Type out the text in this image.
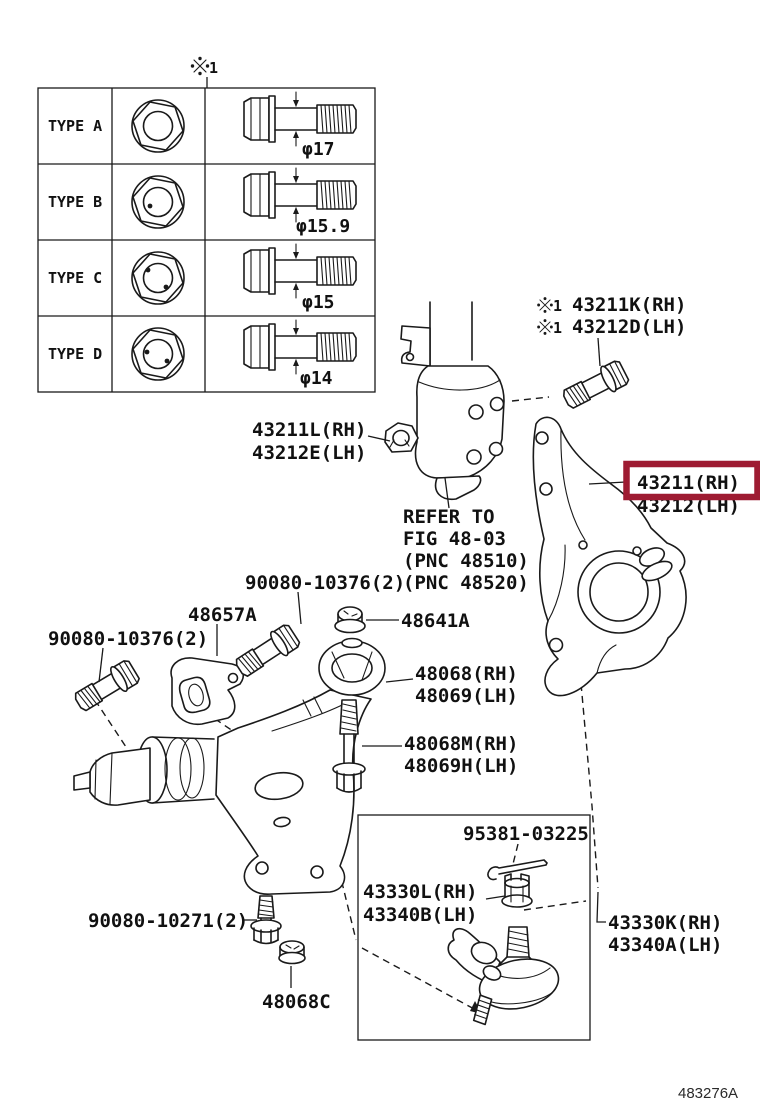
1
TYPE A
TYPE B
TYPE C
TYPE D
φ17
φ15.9
φ15
φ14
1 43211K(RH)
1 43212D(LH)
43211L(RH)
43212E(LH)
43211(RH)
43212(LH)
REFER TO
FIG 48-03
(PNC 48510)
(PNC 48520)
90080-10376(2)
48657A
90080-10376(2)
48641A
48068(RH)
48069(LH)
48068M(RH)
48069H(LH)
95381-03225
43330L(RH)
43340B(LH)	43330K(RH)
43340A(LH)
90080-10271(2)
48068C
483276A
